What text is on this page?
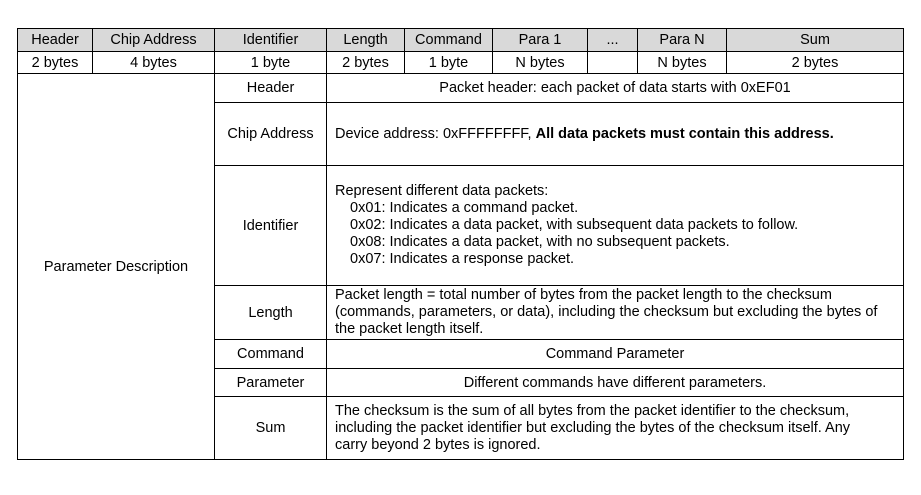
Header	Chip Address	Identifier	Length	Command	Para 1	...	Para N	Sum
2 bytes	4 bytes	1 byte	2 bytes	1 byte	N bytes		N bytes	2 bytes
Parameter Description		Header	Packet header: each packet of data starts with 0xEF01					
		Chip Address	Device address: 0xFFFFFFFF, All data packets must contain this address.					
		Identifier	Represent different data packets:
0x01: Indicates a command packet.
0x02: Indicates a data packet, with subsequent data packets to follow.
0x08: Indicates a data packet, with no subsequent packets.
0x07: Indicates a response packet.					

		Length	Packet length = total number of bytes from the packet length to the checksum
(commands, parameters, or data), including the checksum but excluding the bytes of
the packet length itself.					

		Command	Command Parameter					
		Parameter	Different commands have different parameters.					
		Sum	The checksum is the sum of all bytes from the packet identifier to the checksum,
including the packet identifier but excluding the bytes of the checksum itself. Any
carry beyond 2 bytes is ignored.					
